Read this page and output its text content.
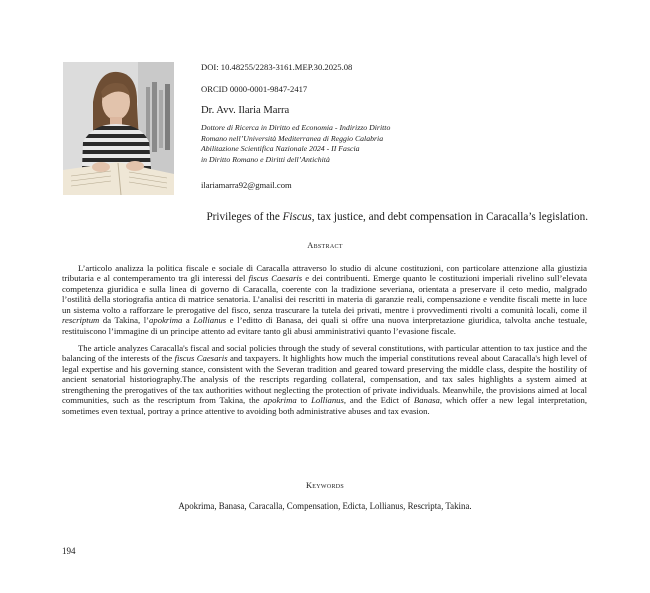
DOI: 10.48255/2283-3161.MEP.30.2025.08
ORCID 0000-0001-9847-2417
Dr. Avv. Ilaria Marra
Dottore di Ricerca in Diritto ed Economia - Indirizzo Diritto
Romano nell’Università Mediterranea di Reggio Calabria
Abilitazione Scientifica Nazionale 2024 - II Fascia
in Diritto Romano e Diritti dell’Antichità
ilariamarra92@gmail.com
Privileges of the Fiscus, tax justice, and debt compensation in Caracalla’s legislation.
Abstract

L’articolo analizza la politica fiscale e sociale di Caracalla attraverso lo studio di alcune costituzioni, con particolare attenzione alla giustizia tributaria e al contemperamento tra gli interessi del fiscus Caesaris e dei contribuenti. Emerge quanto le costituzioni imperiali rivelino sull’elevata competenza giuridica e sulla linea di governo di Caracalla, coerente con la tradizione severiana, orientata a preservare il ceto medio, malgrado l’ostilità della storiografia antica di matrice senatoria. L’analisi dei rescritti in materia di garanzie reali, compensazione e vendite fiscali mette in luce un sistema volto a rafforzare le prerogative del fisco, senza trascurare la tutela dei privati, mentre i provvedimenti rivolti a comunità locali, come il rescriptum da Takina, l’apokrima a Lollianus e l’editto di Banasa, dei quali si offre una nuova interpretazione giuridica, talvolta anche testuale, restituiscono l’immagine di un principe attento ad evitare tanto gli abusi amministrativi quanto l’evasione fiscale.

The article analyzes Caracalla's fiscal and social policies through the study of several constitutions, with particular attention to tax justice and the balancing of the interests of the fiscus Caesaris and taxpayers. It highlights how much the imperial constitutions reveal about Caracalla's high level of legal expertise and his governing stance, consistent with the Severan tradition and geared toward preserving the middle class, despite the hostility of ancient senatorial historiography.The analysis of the rescripts regarding collateral, compensation, and tax sales highlights a system aimed at strengthening the prerogatives of the tax authorities without neglecting the protection of private individuals. Meanwhile, the provisions aimed at local communities, such as the rescriptum from Takina, the apokrima to Lollianus, and the Edict of Banasa, which offer a new legal interpretation, sometimes even textual, portray a prince attentive to avoiding both administrative abuses and tax evasion.

Keywords
Apokrima, Banasa, Caracalla, Compensation, Edicta, Lollianus, Rescripta, Takina.
194
